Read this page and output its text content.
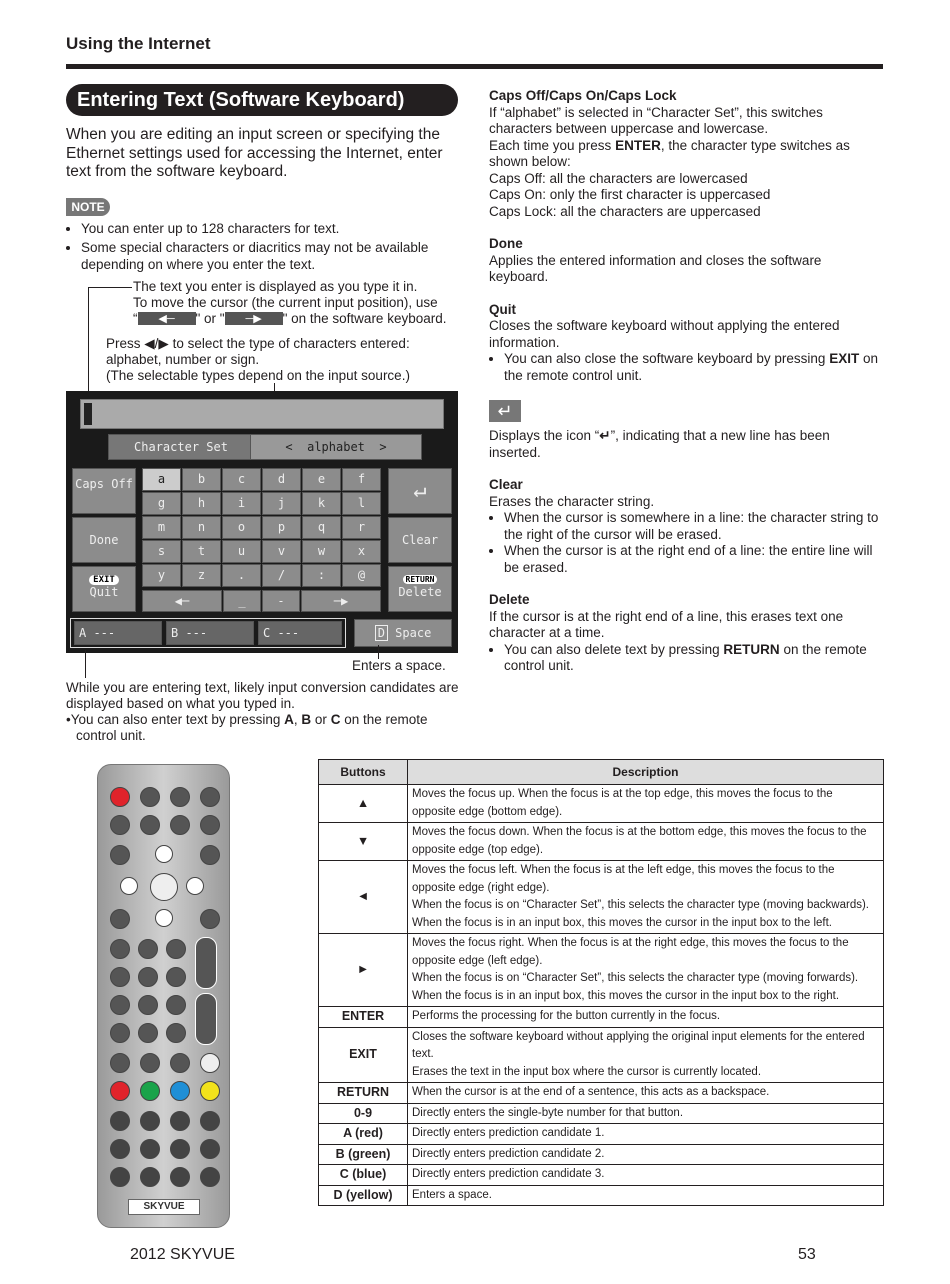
Using the Internet
Entering Text (Software Keyboard)
When you are editing an input screen or specifying the Ethernet settings used for accessing the Internet, enter text from the software keyboard.
NOTE
• You can enter up to 128 characters for text.
• Some special characters or diacritics may not be available depending on where you enter the text.
The text you enter is displayed as you type it in.
To move the cursor (the current input position), use
“	◀─	" or "	─▶	" on the software keyboard.
Press ◀/▶ to select the type of characters entered:
alphabet, number or sign.
(The selectable types depend on the input source.)
Character Set	<  alphabet  >
Caps Off
Done
EXIT
Quit
a	b	c	d	e	f
g	h	i	j	k	l
m	n	o	p	q	r
s	t	u	v	w	x
y	z	.	/	:	@
◀─	_	-	─▶
↵
Clear
RETURN
Delete
A ---	B ---	C ---	D Space
Enters a space.
While you are entering text, likely input conversion candidates are displayed based on what you typed in.
•You can also enter text by pressing A, B or C on the remote control unit.
Caps Off/Caps On/Caps Lock

If “alphabet” is selected in “Character Set”, this switches characters between uppercase and lowercase.

Each time you press ENTER, the character type switches as shown below:

Caps Off: all the characters are lowercased

Caps On: only the first character is uppercased

Caps Lock: all the characters are uppercased

Done

Applies the entered information and closes the software keyboard.

Quit

Closes the software keyboard without applying the entered information.

• You can also close the software keyboard by pressing EXIT on the remote control unit.
↵

Displays the icon “↵”, indicating that a new line has been inserted.

Clear

Erases the character string.

• When the cursor is somewhere in a line: the character string to the right of the cursor will be erased.
• When the cursor is at the right end of a line: the entire line will be erased.
Delete

If the cursor is at the right end of a line, this erases text one character at a time.

• You can also delete text by pressing RETURN on the remote control unit.
SKYVUE
Buttons	Description
▲	Moves the focus up. When the focus is at the top edge, this moves the focus to the opposite edge (bottom edge).

▼	Moves the focus down. When the focus is at the bottom edge, this moves the focus to the opposite edge (top edge).

◄	Moves the focus left. When the focus is at the left edge, this moves the focus to the opposite edge (right edge).
When the focus is on “Character Set”, this selects the character type (moving backwards).
When the focus is in an input box, this moves the cursor in the input box to the left.

►	Moves the focus right. When the focus is at the right edge, this moves the focus to the opposite edge (left edge).
When the focus is on “Character Set”, this selects the character type (moving forwards).
When the focus is in an input box, this moves the cursor in the input box to the right.

ENTER	Performs the processing for the button currently in the focus.

EXIT	Closes the software keyboard without applying the original input elements for the entered text.
Erases the text in the input box where the cursor is currently located.

RETURN	When the cursor is at the end of a sentence, this acts as a backspace.

0-9	Directly enters the single-byte number for that button.

A (red)	Directly enters prediction candidate 1.

B (green)	Directly enters prediction candidate 2.

C (blue)	Directly enters prediction candidate 3.

D (yellow)	Enters a space.
2012 SKYVUE	53
